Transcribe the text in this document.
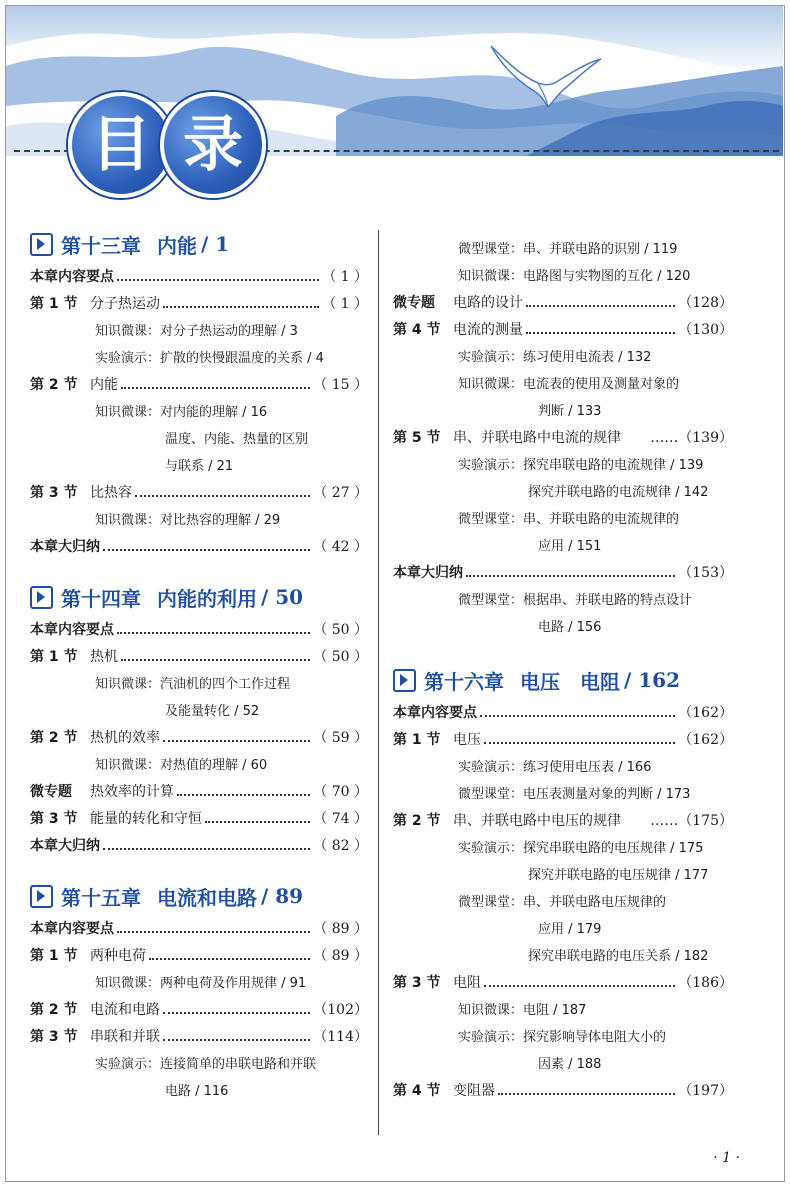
目 录
第十三章 内能 / 1
本章内容要点	（ 1 ）
第 1 节 分子热运动	（ 1 ）
知识微课：对分子热运动的理解 / 3
实验演示：扩散的快慢跟温度的关系 / 4
第 2 节 内能	（ 15 ）
知识微课：对内能的理解 / 16
温度、内能、热量的区别
与联系 / 21
第 3 节 比热容	（ 27 ）
知识微课：对比热容的理解 / 29
本章大归纳	（ 42 ）
第十四章 内能的利用 / 50
本章内容要点	（ 50 ）
第 1 节 热机	（ 50 ）
知识微课：汽油机的四个工作过程
及能量转化 / 52
第 2 节 热机的效率	（ 59 ）
知识微课：对热值的理解 / 60
微专题	热效率的计算	（ 70 ）
第 3 节 能量的转化和守恒	（ 74 ）
本章大归纳	（ 82 ）
第十五章 电流和电路 / 89
本章内容要点	（ 89 ）
第 1 节 两种电荷	（ 89 ）
知识微课：两种电荷及作用规律 / 91
第 2 节 电流和电路	（102）
第 3 节 串联和并联	（114）
实验演示：连接简单的串联电路和并联
电路 / 116
微型课堂：串、并联电路的识别 / 119
知识微课：电路图与实物图的互化 / 120
微专题	电路的设计	（128）
第 4 节 电流的测量	（130）
实验演示：练习使用电流表 / 132
知识微课：电流表的使用及测量对象的
判断 / 133
第 5 节 串、并联电路中电流的规律 ……（139）
实验演示：探究串联电路的电流规律 / 139
探究并联电路的电流规律 / 142
微型课堂：串、并联电路的电流规律的
应用 / 151
本章大归纳	（153）
微型课堂：根据串、并联电路的特点设计
电路 / 156
第十六章 电压　电阻 / 162
本章内容要点	（162）
第 1 节 电压	（162）
实验演示：练习使用电压表 / 166
微型课堂：电压表测量对象的判断 / 173
第 2 节 串、并联电路中电压的规律 ……（175）
实验演示：探究串联电路的电压规律 / 175
探究并联电路的电压规律 / 177
微型课堂：串、并联电路电压规律的
应用 / 179
探究串联电路的电压关系 / 182
第 3 节 电阻	（186）
知识微课：电阻 / 187
实验演示：探究影响导体电阻大小的
因素 / 188
第 4 节 变阻器	（197）
· 1 ·
